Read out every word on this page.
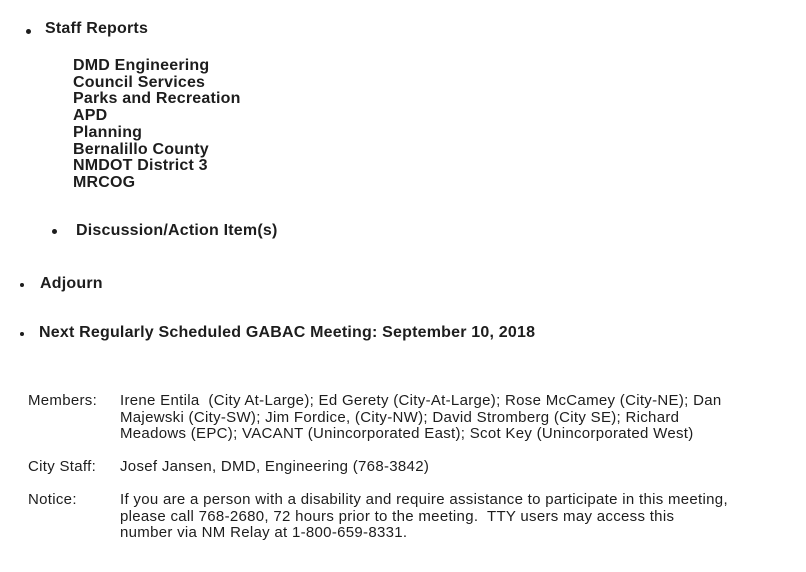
Staff Reports
DMD Engineering
Council Services
Parks and Recreation
APD
Planning
Bernalillo County
NMDOT District 3
MRCOG
Discussion/Action Item(s)
Adjourn
Next Regularly Scheduled GABAC Meeting: September 10, 2018
Members: Irene Entila  (City At-Large); Ed Gerety (City-At-Large); Rose McCamey (City-NE); Dan
Majewski (City-SW); Jim Fordice, (City-NW); David Stromberg (City SE); Richard
Meadows (EPC); VACANT (Unincorporated East); Scot Key (Unincorporated West)
City Staff: Josef Jansen, DMD, Engineering (768-3842)
Notice:	If you are a person with a disability and require assistance to participate in this meeting,
please call 768-2680, 72 hours prior to the meeting.  TTY users may access this
number via NM Relay at 1-800-659-8331.
